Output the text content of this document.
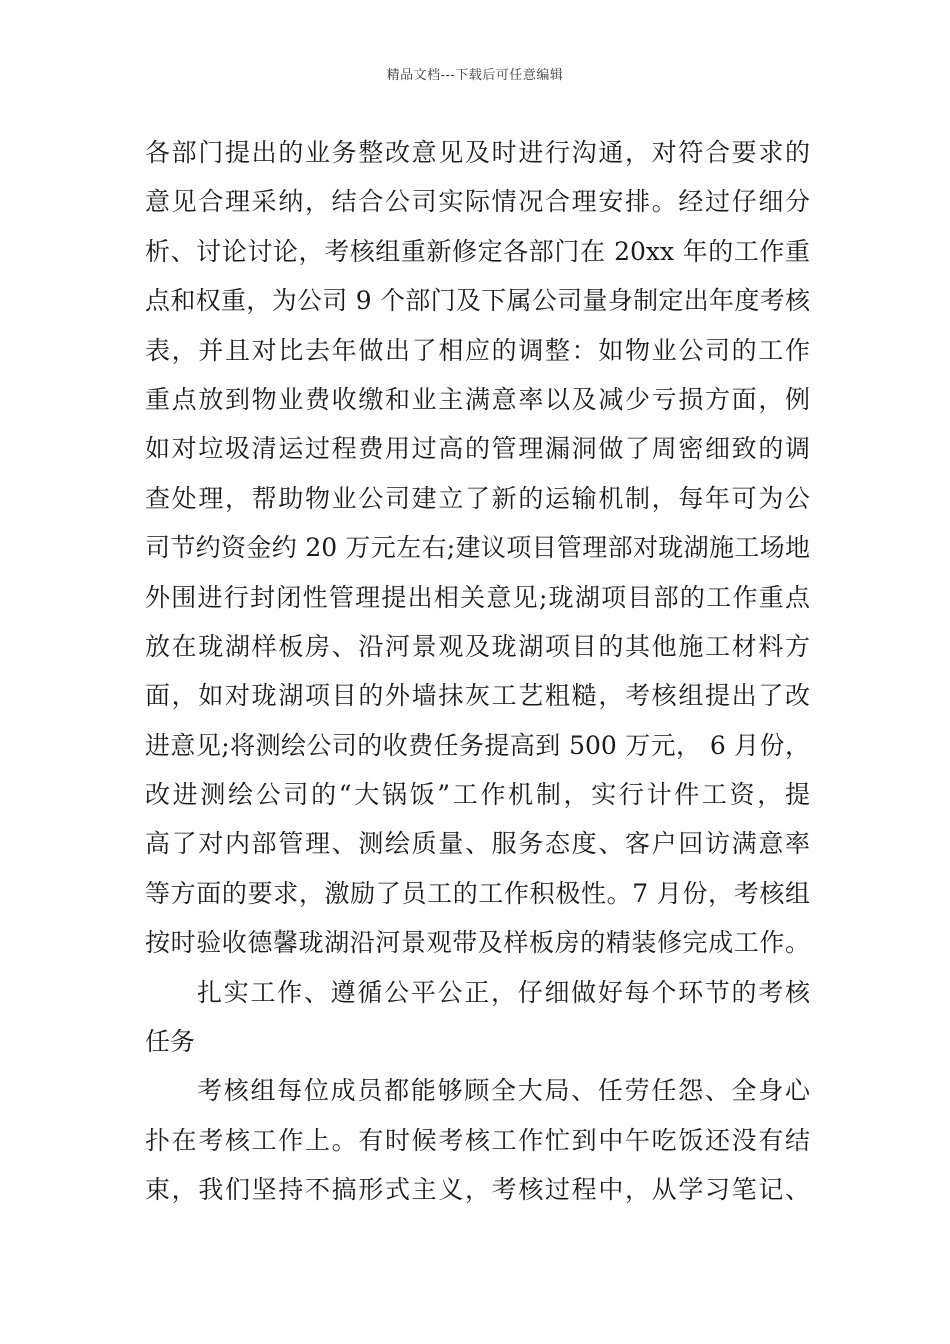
精品文档---下载后可任意编辑
各部门提出的业务整改意见及时进行沟通，对符合要求的
意见合理采纳，结合公司实际情况合理安排。经过仔细分
析、讨论讨论，考核组重新修定各部门在 20xx 年的工作重
点和权重，为公司 9 个部门及下属公司量身制定出年度考核
表，并且对比去年做出了相应的调整：如物业公司的工作
重点放到物业费收缴和业主满意率以及减少亏损方面，例
如对垃圾清运过程费用过高的管理漏洞做了周密细致的调
查处理，帮助物业公司建立了新的运输机制，每年可为公
司节约资金约 20 万元左右;建议项目管理部对珑湖施工场地
外围进行封闭性管理提出相关意见;珑湖项目部的工作重点
放在珑湖样板房、沿河景观及珑湖项目的其他施工材料方
面，如对珑湖项目的外墙抹灰工艺粗糙，考核组提出了改
进意见;将测绘公司的收费任务提高到 500 万元， 6 月份，
改进测绘公司的“大锅饭”工作机制，实行计件工资，提
高了对内部管理、测绘质量、服务态度、客户回访满意率
等方面的要求，激励了员工的工作积极性。7 月份，考核组
按时验收德馨珑湖沿河景观带及样板房的精装修完成工作。
扎实工作、遵循公平公正，仔细做好每个环节的考核
任务
考核组每位成员都能够顾全大局、任劳任怨、全身心
扑在考核工作上。有时候考核工作忙到中午吃饭还没有结
束，我们坚持不搞形式主义，考核过程中，从学习笔记、
